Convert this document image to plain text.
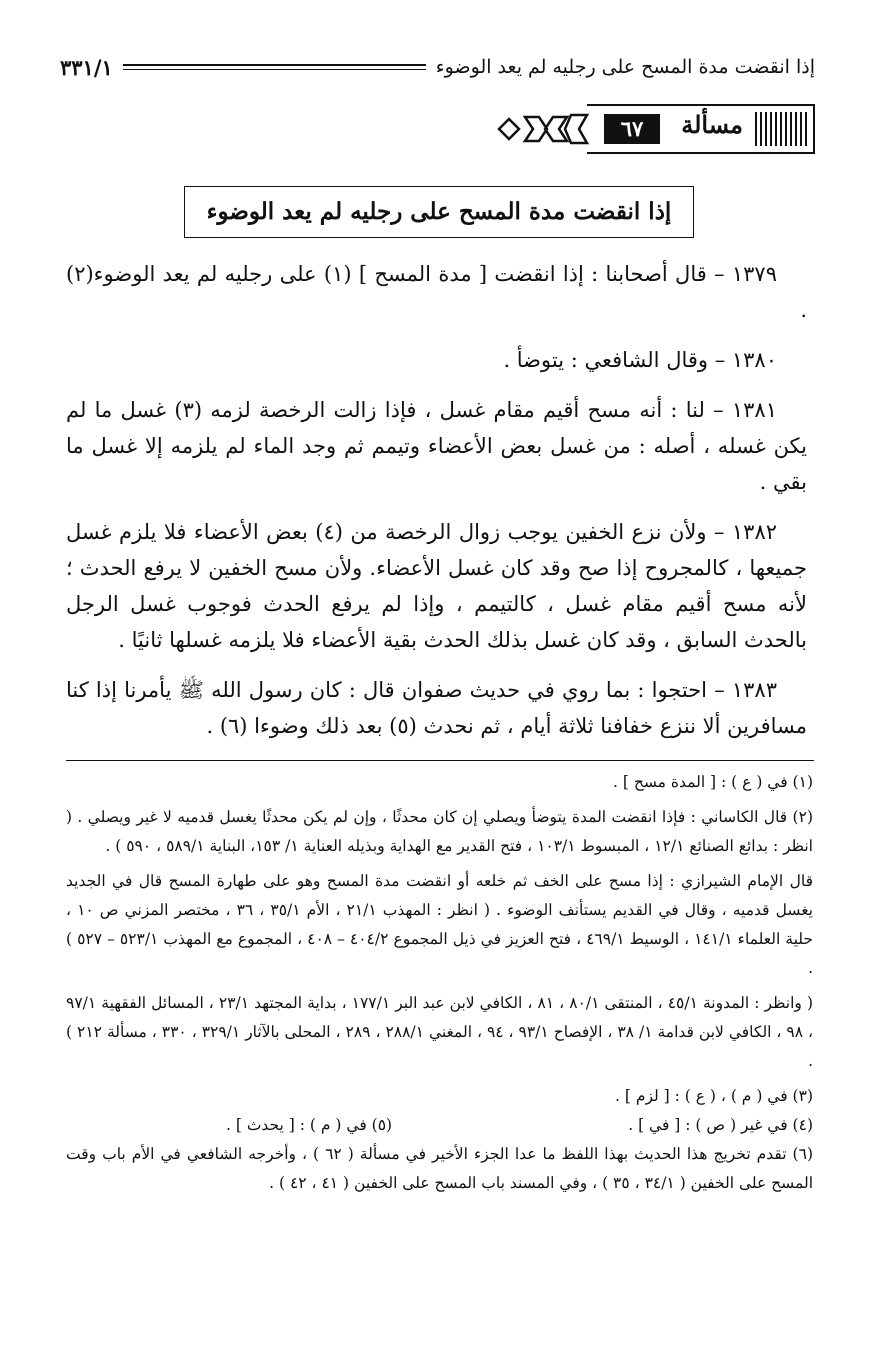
إذا انقضت مدة المسح على رجليه لم يعد الوضوء
٣٣١/١
مسألة
٦٧
إذا انقضت مدة المسح على رجليه لم يعد الوضوء

١٣٧٩ – قال أصحابنا : إذا انقضت [ مدة المسح ] (١) على رجليه لم يعد الوضوء(٢) .

١٣٨٠ – وقال الشافعي : يتوضأ .

١٣٨١ – لنا : أنه مسح أقيم مقام غسل ، فإذا زالت الرخصة لزمه (٣) غسل ما لم يكن غسله ، أصله : من غسل بعض الأعضاء وتيمم ثم وجد الماء لم يلزمه إلا غسل ما بقي .

١٣٨٢ – ولأن نزع الخفين يوجب زوال الرخصة من (٤) بعض الأعضاء فلا يلزم غسل جميعها ، كالمجروح إذا صح وقد كان غسل الأعضاء. ولأن مسح الخفين لا يرفع الحدث ؛ لأنه مسح أقيم مقام غسل ، كالتيمم ، وإذا لم يرفع الحدث فوجوب غسل الرجل بالحدث السابق ، وقد كان غسل بذلك الحدث بقية الأعضاء فلا يلزمه غسلها ثانيًا .

١٣٨٣ – احتجوا : بما روي في حديث صفوان قال : كان رسول الله ﷺ يأمرنا إذا كنا مسافرين ألا ننزع خفافنا ثلاثة أيام ، ثم نحدث (٥) بعد ذلك وضوءا (٦) .

(١) في ( ع ) : [ المدة مسح ] .

(٢) قال الكاساني : فإذا انقضت المدة يتوضأ ويصلي إن كان محدثًا ، وإن لم يكن محدثًا يغسل قدميه لا غير ويصلي . ( انظر : بدائع الصنائع ١٢/١ ، المبسوط ١٠٣/١ ، فتح القدير مع الهداية وبذيله العناية ١/ ١٥٣، البناية ٥٨٩/١ ، ٥٩٠ ) .

قال الإمام الشيرازي : إذا مسح على الخف ثم خلعه أو انقضت مدة المسح وهو على طهارة المسح قال في الجديد يغسل قدميه ، وقال في القديم يستأنف الوضوء . ( انظر : المهذب ٢١/١ ، الأم ٣٥/١ ، ٣٦ ، مختصر المزني ص ١٠ ، حلية العلماء ١٤١/١ ، الوسيط ٤٦٩/١ ، فتح العزيز في ذيل المجموع ٤٠٤/٢ – ٤٠٨ ، المجموع مع المهذب ٥٢٣/١ – ٥٢٧ ) .

( وانظر : المدونة ٤٥/١ ، المنتقى ٨٠/١ ، ٨١ ، الكافي لابن عبد البر ١٧٧/١ ، بداية المجتهد ٢٣/١ ، المسائل الفقهية ٩٧/١ ، ٩٨ ، الكافي لابن قدامة ١/ ٣٨ ، الإفصاح ٩٣/١ ، ٩٤ ، المغني ٢٨٨/١ ، ٢٨٩ ، المحلى بالآثار ٣٢٩/١ ، ٣٣٠ ، مسألة ٢١٢ ) .

(٣) في ( م ) ، ( ع ) : [ لزم ] .
(٤) في غير ( ص ) : [ في ] .
(٥) في ( م ) : [ يحدث ] .

(٦) تقدم تخريج هذا الحديث بهذا اللفظ ما عدا الجزء الأخير في مسألة ( ٦٢ ) ، وأخرجه الشافعي في الأم باب وقت المسح على الخفين ( ٣٤/١ ، ٣٥ ) ، وفي المسند باب المسح على الخفين ( ٤١ ، ٤٢ ) .
